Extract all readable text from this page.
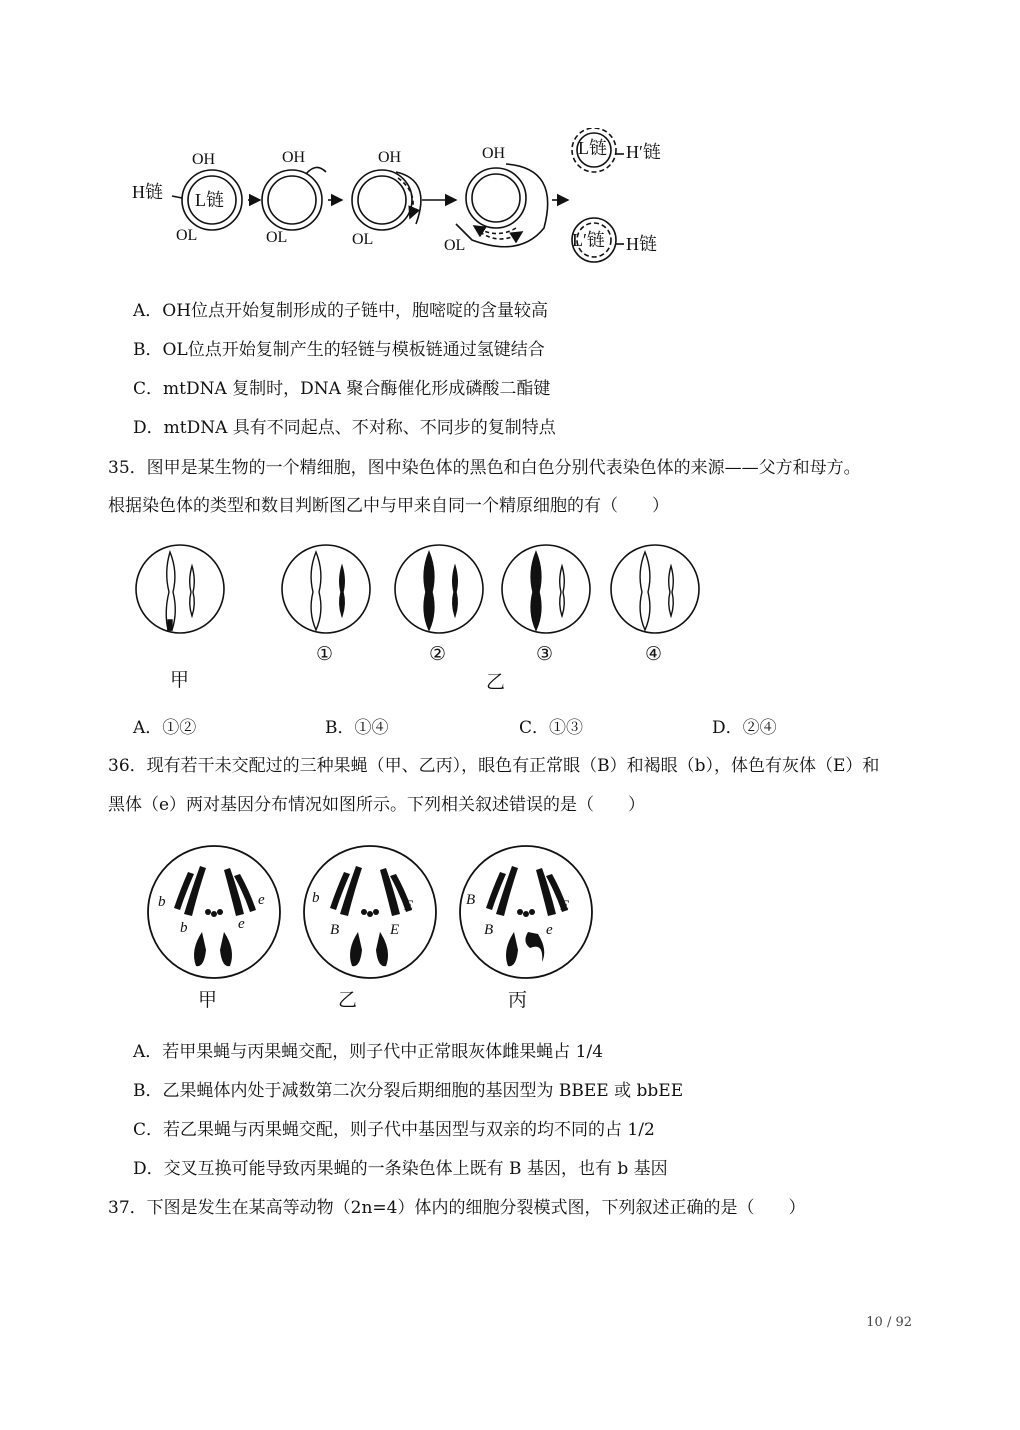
H链 L链
L链 H′链
L′链 H链
OH	OH	OH	OH
OL	OL	OL	OL
A．OH位点开始复制形成的子链中，胞嘧啶的含量较高
B．OL位点开始复制产生的轻链与模板链通过氢键结合
C．mtDNA 复制时，DNA 聚合酶催化形成磷酸二酯键
D．mtDNA 具有不同起点、不对称、不同步的复制特点
35．图甲是某生物的一个精细胞，图中染色体的黑色和白色分别代表染色体的来源——父方和母方。
根据染色体的类型和数目判断图乙中与甲来自同一个精原细胞的有（　　）
①	②	③	④
甲	乙
A．①②	B．①④	C．①③	D．②④
36．现有若干未交配过的三种果蝇（甲、乙丙），眼色有正常眼（B）和褐眼（b），体色有灰体（E）和
黑体（e）两对基因分布情况如图所示。下列相关叙述错误的是（　　）
b
b	e
e	b
B	E
E	B
B	e
E
甲	乙	丙
A．若甲果蝇与丙果蝇交配，则子代中正常眼灰体雌果蝇占 1/4
B．乙果蝇体内处于减数第二次分裂后期细胞的基因型为 BBEE 或 bbEE
C．若乙果蝇与丙果蝇交配，则子代中基因型与双亲的均不同的占 1/2
D．交叉互换可能导致丙果蝇的一条染色体上既有 B 基因，也有 b 基因
37．下图是发生在某高等动物（2n=4）体内的细胞分裂模式图，下列叙述正确的是（　　）
10 / 92
